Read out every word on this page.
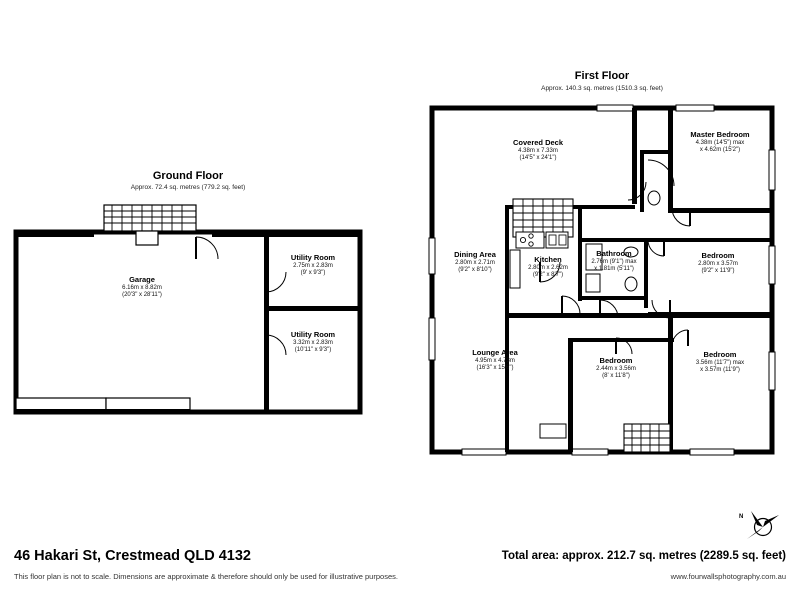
Ground Floor
Approx. 72.4 sq. metres (779.2 sq. feet)
Garage
6.16m x 8.82m
(20'3" x 28'11")
Utility Room
2.75m x 2.83m
(9' x 9'3")
Utility Room
3.32m x 2.83m
(10'11" x 9'3")
First Floor
Approx. 140.3 sq. metres (1510.3 sq. feet)
Covered Deck
4.38m x 7.33m
(14'5" x 24'1")
Master Bedroom
4.38m (14'5") max
x 4.62m (15'2")
Dining Area
2.80m x 2.71m
(9'2" x 8'10")
Kitchen
2.80m x 2.62m
(9'2" x 8'7")
Bathroom
2.76m (9'1") max
x 1.81m (5'11")
Bedroom
2.80m x 3.57m
(9'2" x 11'9")
Lounge Area
4.95m x 4.73m
(16'3" x 15'6")
Bedroom
2.44m x 3.56m
(8' x 11'8")
Bedroom
3.56m (11'7") max
x 3.57m (11'9")
N
46 Hakari St, Crestmead QLD 4132
This floor plan is not to scale. Dimensions are approximate & therefore should only be used for illustrative purposes.
Total area: approx. 212.7 sq. metres (2289.5 sq. feet)
www.fourwallsphotography.com.au
